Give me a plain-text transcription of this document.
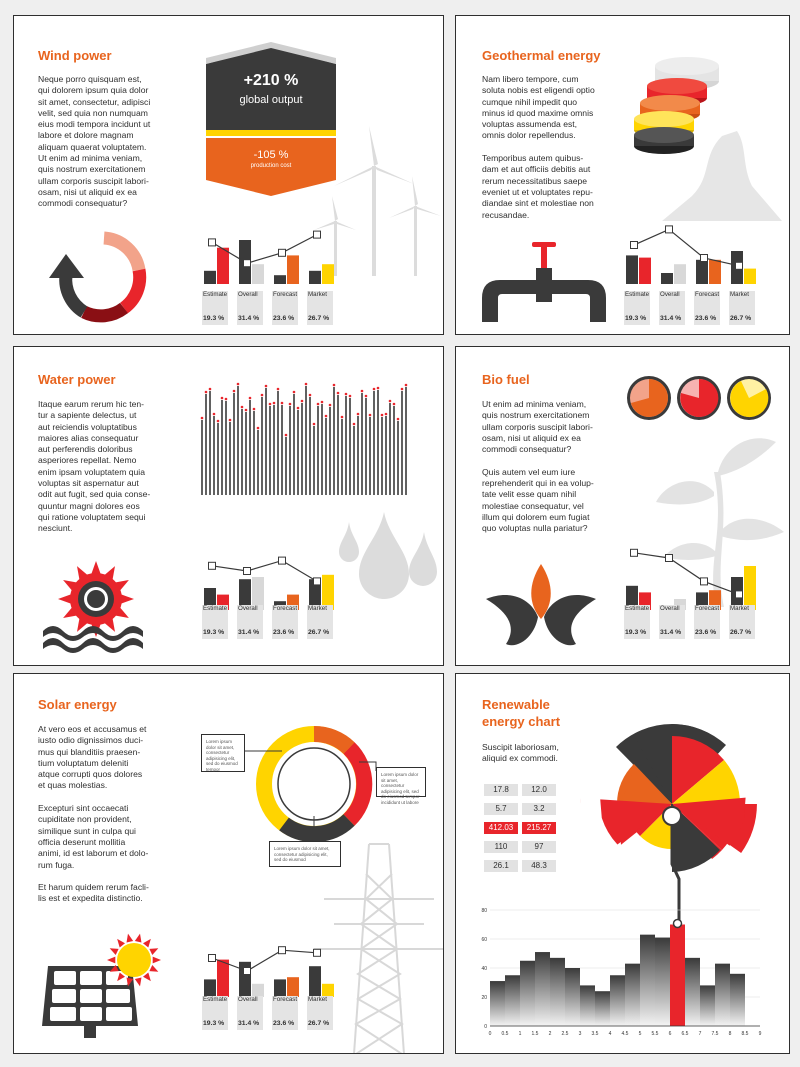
Wind power
Neque porro quisquam est,
qui dolorem ipsum quia dolor
sit amet, consectetur, adipisci
velit, sed quia non numquam
eius modi tempora incidunt ut
labore et dolore magnam
aliquam quaerat voluptatem.
Ut enim ad minima veniam,
quis nostrum exercitationem
ullam corporis suscipit labori-
osam, nisi ut aliquid ex ea
commodi consequatur?
+210 %
global output
-105 %
production cost
Estimate
19.3 %
Overall
31.4 %
Forecast
23.6 %
Market
26.7 %
Geothermal energy
Nam libero tempore, cum
soluta nobis est eligendi optio
cumque nihil impedit quo
minus id quod maxime omnis
voluptas assumenda est,
omnis dolor repellendus.

Temporibus autem quibus-
dam et aut officiis debitis aut
rerum necessitatibus saepe
eveniet ut et voluptates repu-
diandae sint et molestiae non
recusandae.
Estimate
19.3 %
Overall
31.4 %
Forecast
23.6 %
Market
26.7 %
Water power
Itaque earum rerum hic ten-
tur a sapiente delectus, ut
aut reiciendis voluptatibus
maiores alias consequatur
aut perferendis doloribus
asperiores repellat. Nemo
enim ipsam voluptatem quia
voluptas sit aspernatur aut
odit aut fugit, sed quia conse-
quuntur magni dolores eos
qui ratione voluptatem sequi
nesciunt.
Estimate
19.3 %
Overall
31.4 %
Forecast
23.6 %
Market
26.7 %
Bio fuel
Ut enim ad minima veniam,
quis nostrum exercitationem
ullam corporis suscipit labori-
osam, nisi ut aliquid ex ea
commodi consequatur?

Quis autem vel eum iure
reprehenderit qui in ea volup-
tate velit esse quam nihil
molestiae consequatur, vel
illum qui dolorem eum fugiat
quo voluptas nulla pariatur?
Estimate
19.3 %
Overall
31.4 %
Forecast
23.6 %
Market
26.7 %
Solar energy
At vero eos et accusamus et
iusto odio dignissimos duci-
mus qui blanditiis praesen-
tium voluptatum deleniti
atque corrupti quos dolores
et quas molestias.

Excepturi sint occaecati
cupiditate non provident,
similique sunt in culpa qui
officia deserunt mollitia
animi, id est laborum et dolo-
rum fuga.

Et harum quidem rerum facli-
lis est et expedita distinctio.
Lorem ipsum dolor sit amet, consectetur adipisicing elit, sed do eiusmod tempor
Lorem ipsum dolor sit amet, consectetur adipisicing elit, sed do eiusmod tempor incididunt ut labore
Lorem ipsum dolor sit amet, consectetur adipisicing elit, sed do eiusmod
Estimate
19.3 %
Overall
31.4 %
Forecast
23.6 %
Market
26.7 %
Renewable
energy chart
Suscipit laboriosam,
aliquid ex commodi.
17.8	12.0
5.7	3.2
412.03	215.27
110	97
26.1	48.3
0
20
40
60
80
0 0.5 1 1.5 2 2.5 3 3.5 4 4.5 5 5.5 6 6.5 7 7.5 8 8.5 9
